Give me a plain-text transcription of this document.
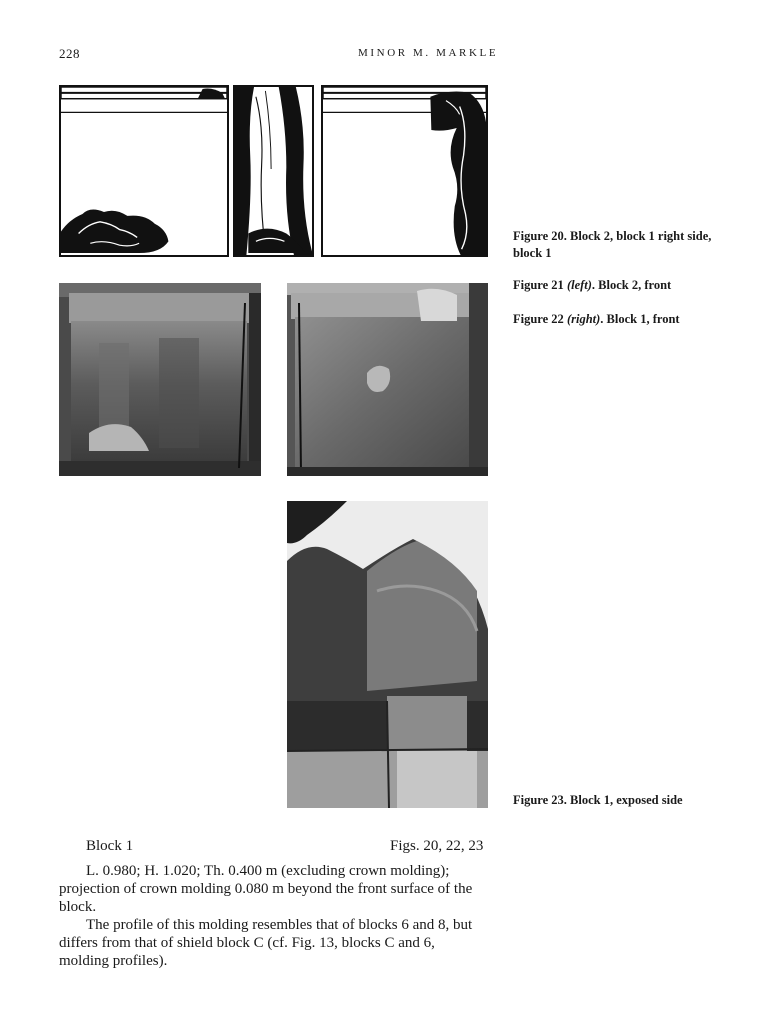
228	MINOR M. MARKLE
Figure 20. Block 2, block 1 right side, block 1
Figure 21 (left). Block 2, front
Figure 22 (right). Block 1, front
Figure 23. Block 1, exposed side
Block 1	Figs. 20, 22, 23

L. 0.980; H. 1.020; Th. 0.400 m (excluding crown molding); projection of crown molding 0.080 m beyond the front surface of the block.

The profile of this molding resembles that of blocks 6 and 8, but differs from that of shield block C (cf. Fig. 13, blocks C and 6, molding profiles).
